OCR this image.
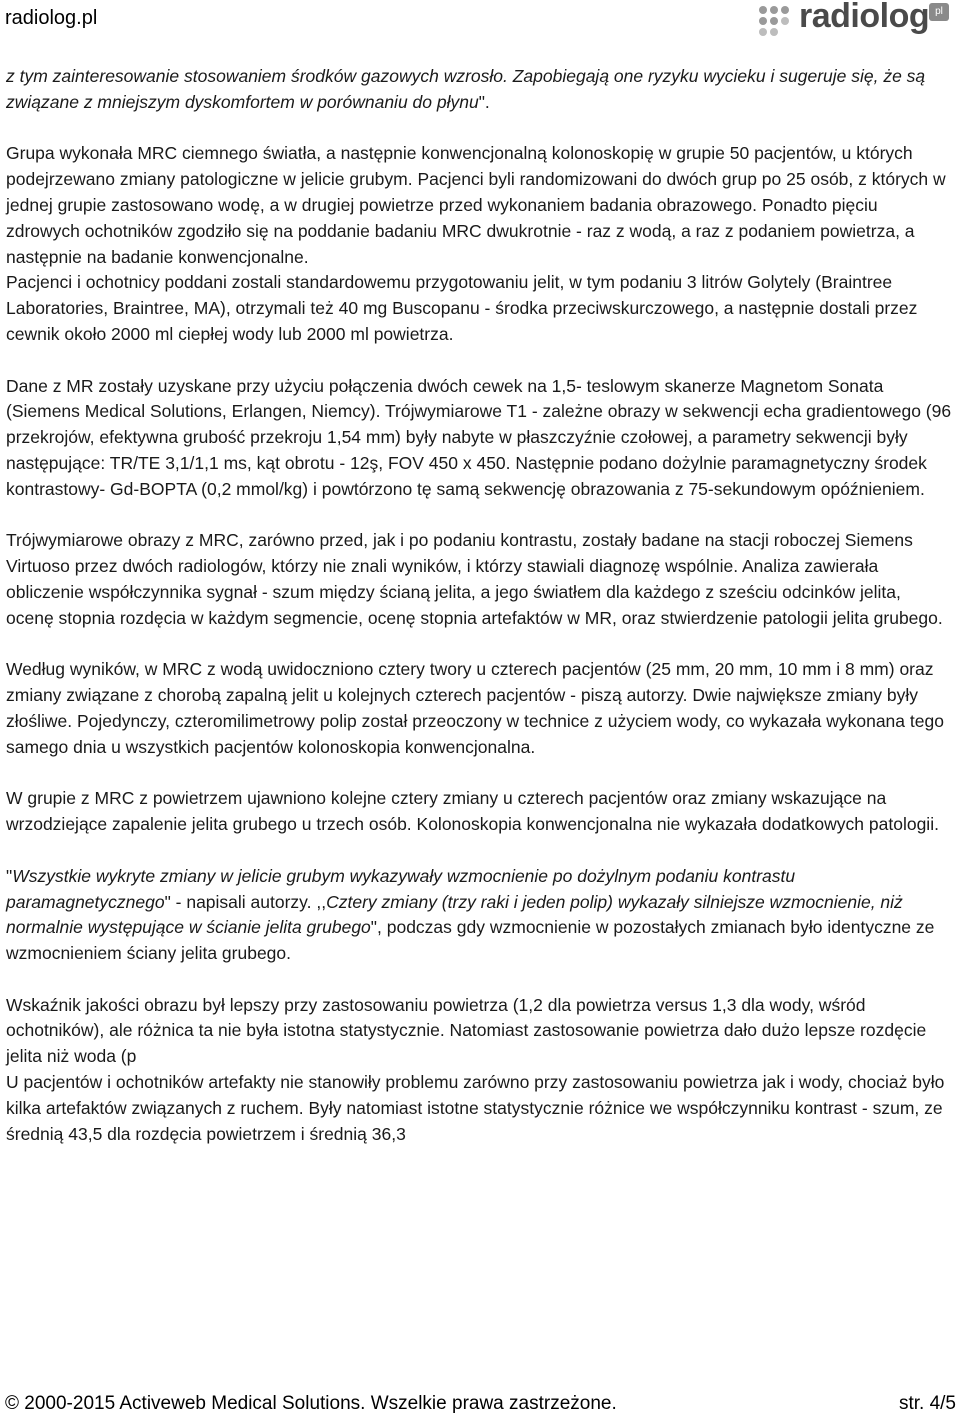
radiolog.pl	radiolog pl

z tym zainteresowanie stosowaniem środków gazowych wzrosło. Zapobiegają one ryzyku wycieku i sugeruje się, że są związane z mniejszym dyskomfortem w porównaniu do płynu".

Grupa wykonała MRC ciemnego światła, a następnie konwencjonalną kolonoskopię w grupie 50 pacjentów, u których podejrzewano zmiany patologiczne w jelicie grubym. Pacjenci byli randomizowani do dwóch grup po 25 osób, z których w jednej grupie zastosowano wodę, a w drugiej powietrze przed wykonaniem badania obrazowego. Ponadto pięciu zdrowych ochotników zgodziło się na poddanie badaniu MRC dwukrotnie - raz z wodą, a raz z podaniem powietrza, a następnie na badanie konwencjonalne.

Pacjenci i ochotnicy poddani zostali standardowemu przygotowaniu jelit, w tym podaniu 3 litrów Golytely (Braintree Laboratories, Braintree, MA), otrzymali też 40 mg Buscopanu - środka przeciwskurczowego, a następnie dostali przez cewnik około 2000 ml ciepłej wody lub 2000 ml powietrza.

Dane z MR zostały uzyskane przy użyciu połączenia dwóch cewek na 1,5- teslowym skanerze Magnetom Sonata (Siemens Medical Solutions, Erlangen, Niemcy). Trójwymiarowe T1 - zależne obrazy w sekwencji echa gradientowego (96 przekrojów, efektywna grubość przekroju 1,54 mm) były nabyte w płaszczyźnie czołowej, a parametry sekwencji były następujące: TR/TE 3,1/1,1 ms, kąt obrotu - 12ş, FOV 450 x 450. Następnie podano dożylnie paramagnetyczny środek kontrastowy- Gd-BOPTA (0,2 mmol/kg) i powtórzono tę samą sekwencję obrazowania z 75-sekundowym opóźnieniem.

Trójwymiarowe obrazy z MRC, zarówno przed, jak i po podaniu kontrastu, zostały badane na stacji roboczej Siemens Virtuoso przez dwóch radiologów, którzy nie znali wyników, i którzy stawiali diagnozę wspólnie. Analiza zawierała obliczenie współczynnika sygnał - szum między ścianą jelita, a jego światłem dla każdego z sześciu odcinków jelita, ocenę stopnia rozdęcia w każdym segmencie, ocenę stopnia artefaktów w MR, oraz stwierdzenie patologii jelita grubego.

Według wyników, w MRC z wodą uwidoczniono cztery twory u czterech pacjentów (25 mm, 20 mm, 10 mm i 8 mm) oraz zmiany związane z chorobą zapalną jelit u kolejnych czterech pacjentów - piszą autorzy. Dwie największe zmiany były złośliwe. Pojedynczy, czteromilimetrowy polip został przeoczony w technice z użyciem wody, co wykazała wykonana tego samego dnia u wszystkich pacjentów kolonoskopia konwencjonalna.

W grupie z MRC z powietrzem ujawniono kolejne cztery zmiany u czterech pacjentów oraz zmiany wskazujące na wrzodziejące zapalenie jelita grubego u trzech osób. Kolonoskopia konwencjonalna nie wykazała dodatkowych patologii.

"Wszystkie wykryte zmiany w jelicie grubym wykazywały wzmocnienie po dożylnym podaniu kontrastu paramagnetycznego" - napisali autorzy. ,,Cztery zmiany (trzy raki i jeden polip) wykazały silniejsze wzmocnienie, niż normalnie występujące w ścianie jelita grubego", podczas gdy wzmocnienie w pozostałych zmianach było identyczne ze wzmocnieniem ściany jelita grubego.

Wskaźnik jakości obrazu był lepszy przy zastosowaniu powietrza (1,2 dla powietrza versus 1,3 dla wody, wśród ochotników), ale różnica ta nie była istotna statystycznie. Natomiast zastosowanie powietrza dało dużo lepsze rozdęcie jelita niż woda (p

U pacjentów i ochotników artefakty nie stanowiły problemu zarówno przy zastosowaniu powietrza jak i wody, chociaż było kilka artefaktów związanych z ruchem. Były natomiast istotne statystycznie różnice we współczynniku kontrast - szum, ze średnią 43,5 dla rozdęcia powietrzem i średnią 36,3

© 2000-2015 Activeweb Medical Solutions. Wszelkie prawa zastrzeżone.	str. 4/5
